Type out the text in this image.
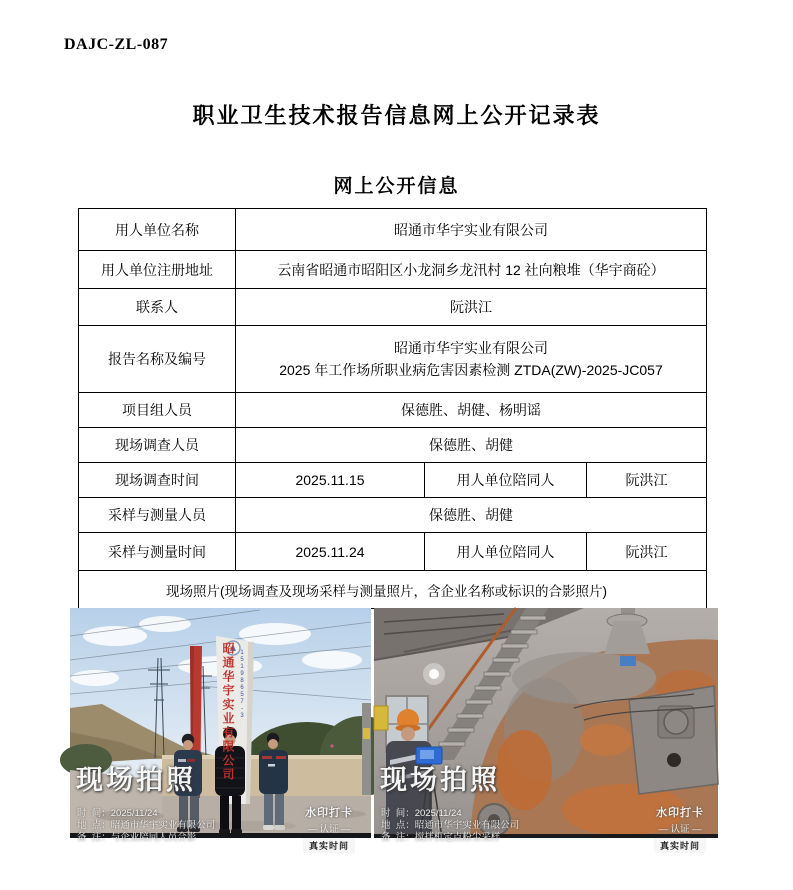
DAJC-ZL-087
职业卫生技术报告信息网上公开记录表
网上公开信息
用人单位名称	昭通市华宇实业有限公司		
用人单位注册地址	云南省昭通市昭阳区小龙洞乡龙汛村 12 社向粮堆（华宇商砼）		
联系人	阮洪江		
报告名称及编号	昭通市华宇实业有限公司
2025 年工作场所职业病危害因素检测 ZTDA(ZW)-2025-JC057		

项目组人员	保德胜、胡健、杨明谣		
现场调查人员	保德胜、胡健		
现场调查时间	2025.11.15	用人单位陪同人	阮洪江
采样与测量人员	保德胜、胡健		
采样与测量时间	2025.11.24	用人单位陪同人	阮洪江
现场照片(现场调查及现场采样与测量照片，含企业名称或标识的合影照片)			
昭通华宇实业有限公司 15198657-3
现场拍照
时  间：2025/11/24
地  点：昭通市华宇实业有限公司
备  注：与企业陪同人员合影
水印打卡
— 认证 —
真实时间
现场拍照
时  间：2025/11/24
地  点：昭通市华宇实业有限公司
备  注：搅拌机定点粉尘采样
水印打卡
— 认证 —
真实时间
